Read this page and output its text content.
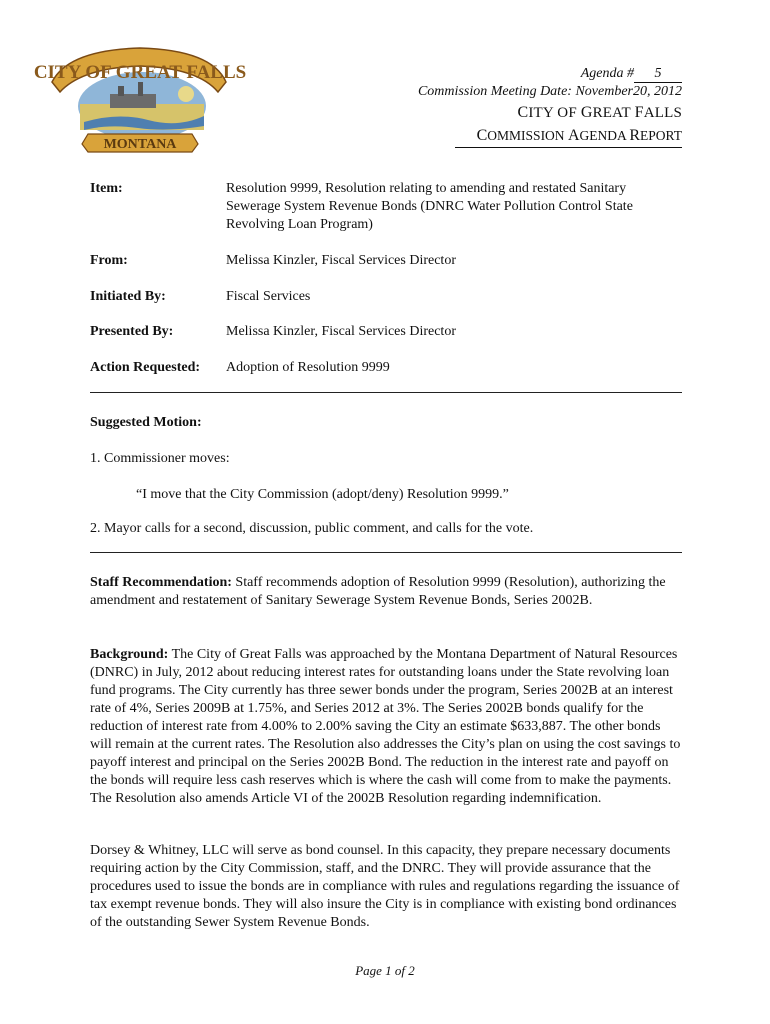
CITY OF GREAT FALLS
MONTANA
Agenda # 5
Commission Meeting Date: November20, 2012
CITY OF GREAT FALLS
COMMISSION AGENDA REPORT
Item:	Resolution 9999, Resolution relating to amending and restated Sanitary Sewerage System Revenue Bonds (DNRC Water Pollution Control State Revolving Loan Program)
From:	Melissa Kinzler, Fiscal Services Director
Initiated By:	Fiscal Services
Presented By:	Melissa Kinzler, Fiscal Services Director
Action Requested:	Adoption of Resolution 9999
Suggested Motion:
1. Commissioner moves:
“I move that the City Commission (adopt/deny) Resolution 9999.”
2. Mayor calls for a second, discussion, public comment, and calls for the vote.
Staff Recommendation: Staff recommends adoption of Resolution 9999 (Resolution), authorizing the amendment and restatement of Sanitary Sewerage System Revenue Bonds, Series 2002B.
Background: The City of Great Falls was approached by the Montana Department of Natural Resources (DNRC) in July, 2012 about reducing interest rates for outstanding loans under the State revolving loan fund programs. The City currently has three sewer bonds under the program, Series 2002B at an interest rate of 4%, Series 2009B at 1.75%, and Series 2012 at 3%. The Series 2002B bonds qualify for the reduction of interest rate from 4.00% to 2.00% saving the City an estimate $633,887. The other bonds will remain at the current rates. The Resolution also addresses the City’s plan on using the cost savings to payoff interest and principal on the Series 2002B Bond. The reduction in the interest rate and payoff on the bonds will require less cash reserves which is where the cash will come from to make the payments. The Resolution also amends Article VI of the 2002B Resolution regarding indemnification.
Dorsey & Whitney, LLC will serve as bond counsel. In this capacity, they prepare necessary documents requiring action by the City Commission, staff, and the DNRC. They will provide assurance that the procedures used to issue the bonds are in compliance with rules and regulations regarding the issuance of tax exempt revenue bonds. They will also insure the City is in compliance with existing bond ordinances of the outstanding Sewer System Revenue Bonds.
Page 1 of 2
